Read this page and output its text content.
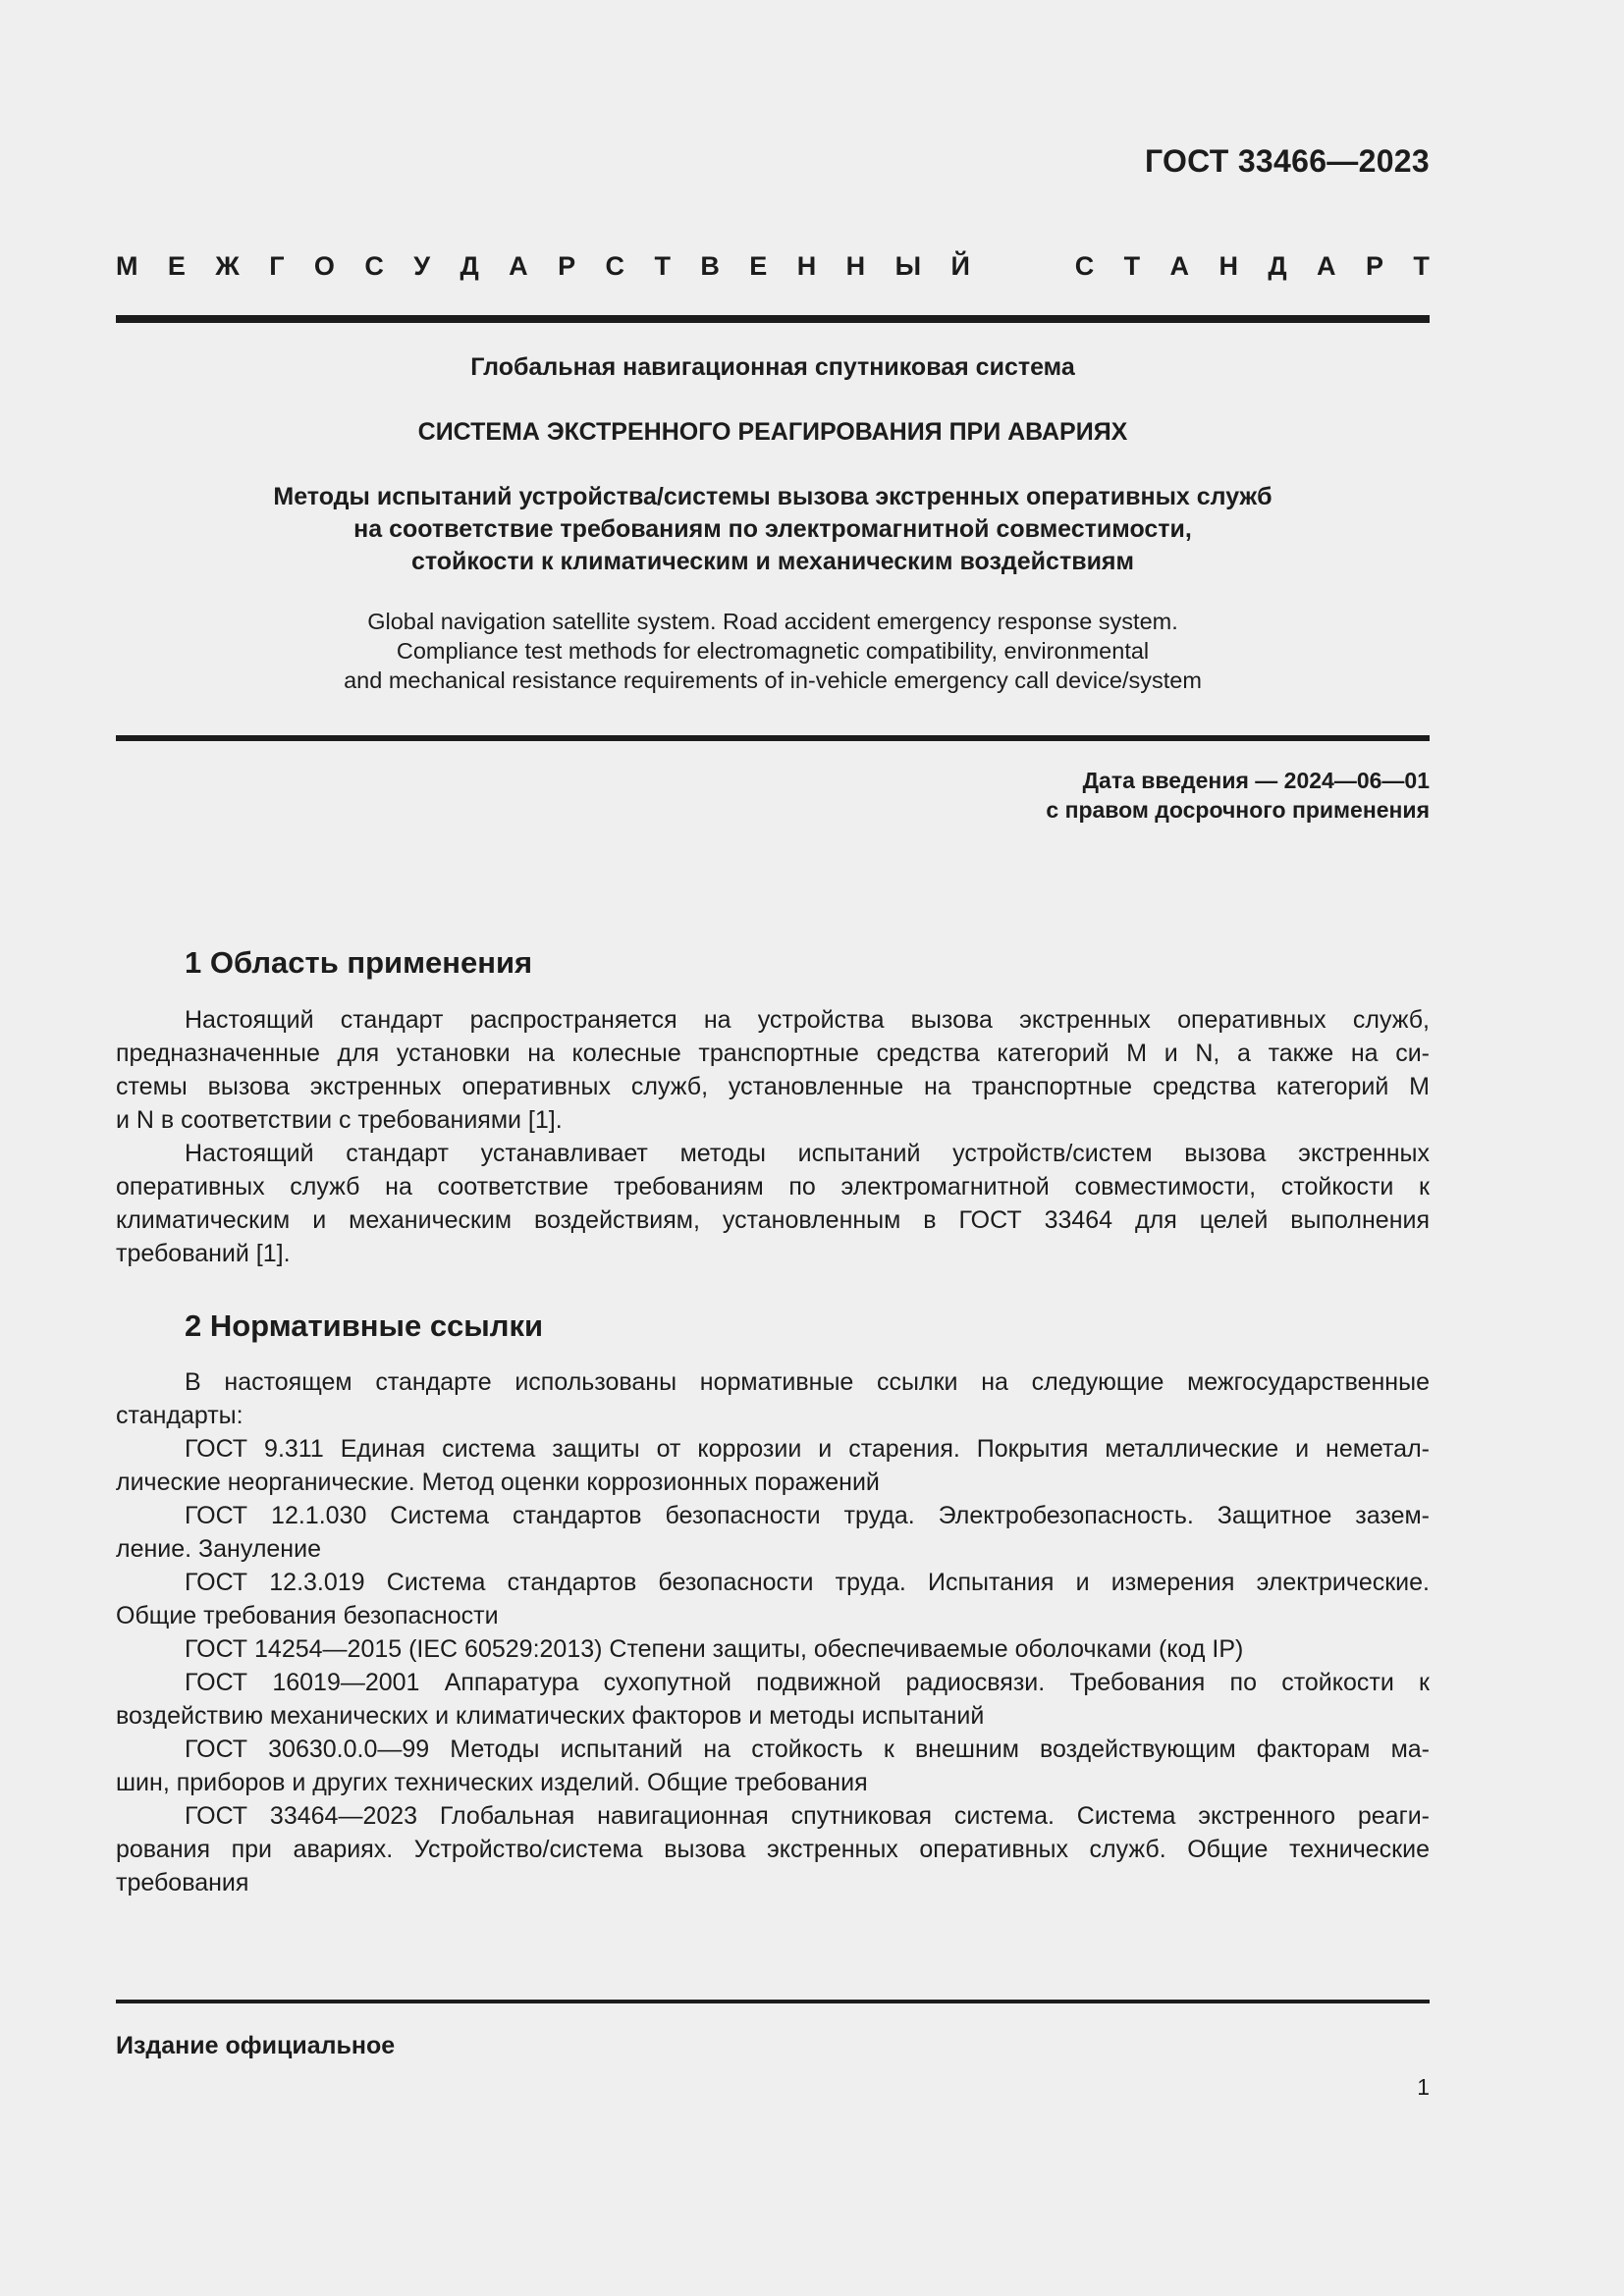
ГОСТ 33466—2023
М Е Ж Г О С У Д А Р С Т В Е Н Н Ы Й	С Т А Н Д А Р Т
Глобальная навигационная спутниковая система
СИСТЕМА ЭКСТРЕННОГО РЕАГИРОВАНИЯ ПРИ АВАРИЯХ
Методы испытаний устройства/системы вызова экстренных оперативных служб
на соответствие требованиям по электромагнитной совместимости,
стойкости к климатическим и механическим воздействиям
Global navigation satellite system. Road accident emergency response system.
Compliance test methods for electromagnetic compatibility, environmental
and mechanical resistance requirements of in-vehicle emergency call device/system
Дата введения — 2024—06—01
с правом досрочного применения
1 Область применения
Настоящий стандарт распространяется на устройства вызова экстренных оперативных служб,
предназначенные для установки на колесные транспортные средства категорий М и N, а также на си-
стемы вызова экстренных оперативных служб, установленные на транспортные средства категорий М
и N в соответствии с требованиями [1].
Настоящий стандарт устанавливает методы испытаний устройств/систем вызова экстренных
оперативных служб на соответствие требованиям по электромагнитной совместимости, стойкости к
климатическим и механическим воздействиям, установленным в ГОСТ 33464 для целей выполнения
требований [1].
2 Нормативные ссылки
В настоящем стандарте использованы нормативные ссылки на следующие межгосударственные
стандарты:
ГОСТ 9.311 Единая система защиты от коррозии и старения. Покрытия металлические и неметал-
лические неорганические. Метод оценки коррозионных поражений
ГОСТ 12.1.030 Система стандартов безопасности труда. Электробезопасность. Защитное зазем-
ление. Зануление
ГОСТ 12.3.019 Система стандартов безопасности труда. Испытания и измерения электрические.
Общие требования безопасности
ГОСТ 14254—2015 (IEC 60529:2013) Степени защиты, обеспечиваемые оболочками (код IP)
ГОСТ 16019—2001 Аппаратура сухопутной подвижной радиосвязи. Требования по стойкости к
воздействию механических и климатических факторов и методы испытаний
ГОСТ 30630.0.0—99 Методы испытаний на стойкость к внешним воздействующим факторам ма-
шин, приборов и других технических изделий. Общие требования
ГОСТ 33464—2023 Глобальная навигационная спутниковая система. Система экстренного реаги-
рования при авариях. Устройство/система вызова экстренных оперативных служб. Общие технические
требования
Издание официальное
1
